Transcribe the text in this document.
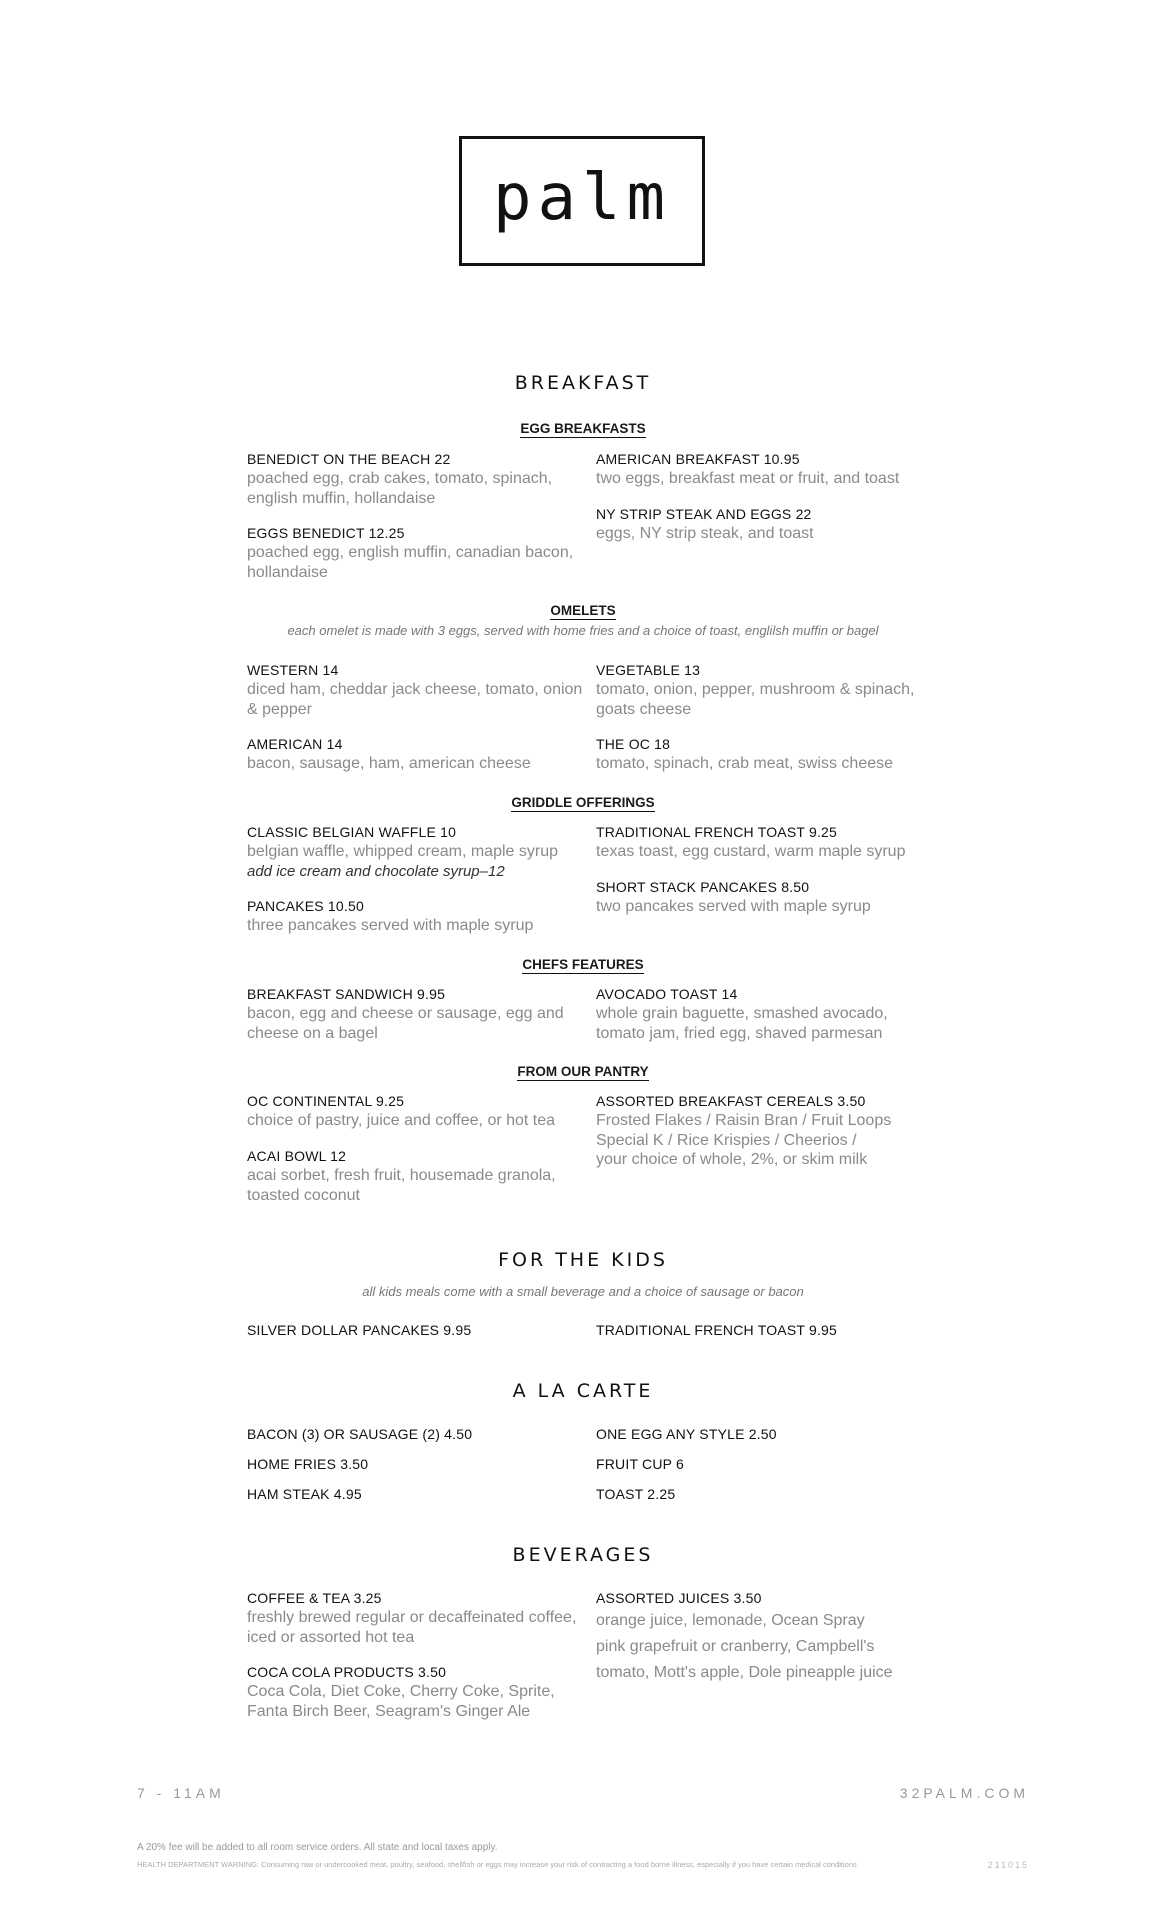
palm
BREAKFAST
EGG BREAKFASTS
BENEDICT ON THE BEACH 22
poached egg, crab cakes, tomato, spinach, english muffin, hollandaise
AMERICAN BREAKFAST 10.95
two eggs, breakfast meat or fruit, and toast
EGGS BENEDICT 12.25
poached egg, english muffin, canadian bacon, hollandaise
NY STRIP STEAK AND EGGS 22
eggs, NY strip steak, and toast
OMELETS
each omelet is made with 3 eggs, served with home fries and a choice of toast, englilsh muffin or bagel
WESTERN 14
diced ham, cheddar jack cheese, tomato, onion & pepper
VEGETABLE 13
tomato, onion, pepper, mushroom & spinach, goats cheese
AMERICAN 14
bacon, sausage, ham, american cheese
THE OC 18
tomato, spinach, crab meat, swiss cheese
GRIDDLE OFFERINGS
CLASSIC BELGIAN WAFFLE 10
belgian waffle, whipped cream, maple syrup
add ice cream and chocolate syrup–12
TRADITIONAL FRENCH TOAST 9.25
texas toast, egg custard, warm maple syrup
PANCAKES 10.50
three pancakes served with maple syrup
SHORT STACK PANCAKES 8.50
two pancakes served with maple syrup
CHEFS FEATURES
BREAKFAST SANDWICH 9.95
bacon, egg and cheese or sausage, egg and cheese on a bagel
AVOCADO TOAST 14
whole grain baguette, smashed avocado, tomato jam, fried egg, shaved parmesan
FROM OUR PANTRY
OC CONTINENTAL 9.25
choice of pastry, juice and coffee, or hot tea
ASSORTED BREAKFAST CEREALS 3.50
Frosted Flakes / Raisin Bran / Fruit Loops
Special K / Rice Krispies / Cheerios /
your choice of whole, 2%, or skim milk
ACAI BOWL 12
acai sorbet, fresh fruit, housemade granola, toasted coconut
FOR THE KIDS
all kids meals come with a small beverage and a choice of sausage or bacon
SILVER DOLLAR PANCAKES 9.95	TRADITIONAL FRENCH TOAST 9.95
A LA CARTE
BACON (3) OR SAUSAGE (2) 4.50	ONE EGG ANY STYLE 2.50
HOME FRIES 3.50	FRUIT CUP 6
HAM STEAK 4.95	TOAST 2.25
BEVERAGES
COFFEE & TEA 3.25
freshly brewed regular or decaffeinated coffee, iced or assorted hot tea
ASSORTED JUICES 3.50
orange juice, lemonade, Ocean Spray
pink grapefruit or cranberry, Campbell's
tomato, Mott's apple, Dole pineapple juice
COCA COLA PRODUCTS 3.50
Coca Cola, Diet Coke, Cherry Coke, Sprite, Fanta Birch Beer, Seagram's Ginger Ale
7 - 11AM	32PALM.COM
A 20% fee will be added to all room service orders. All state and local taxes apply.
HEALTH DEPARTMENT WARNING: Consuming raw or undercooked meat, poultry, seafood, shellfish or eggs may increase your risk of contracting a food borne illness, especially if you have certain medical conditions	211015
